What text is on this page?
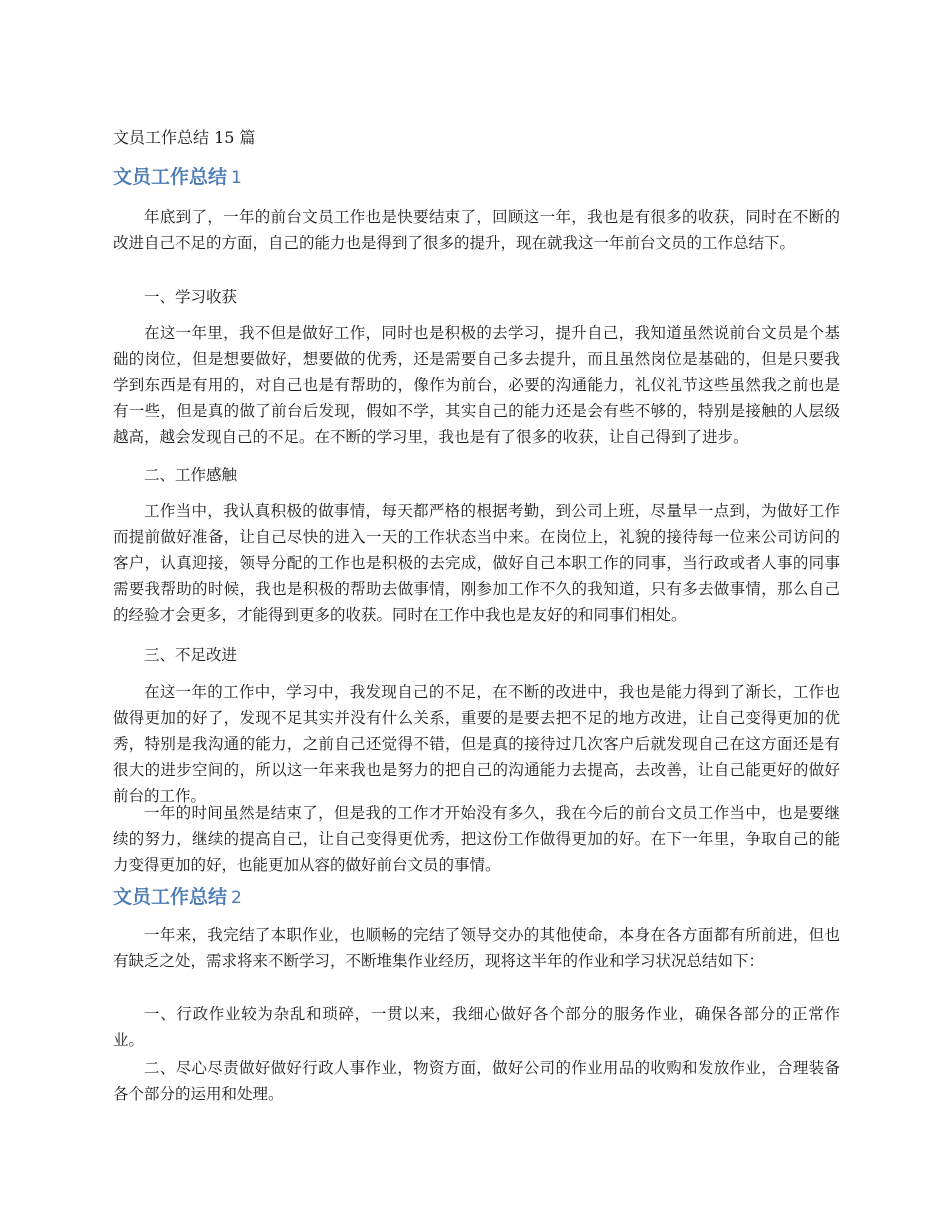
文员工作总结 15 篇
文员工作总结 1

年底到了，一年的前台文员工作也是快要结束了，回顾这一年，我也是有很多的收获，同时在不断的改进自己不足的方面，自己的能力也是得到了很多的提升，现在就我这一年前台文员的工作总结下。

一、学习收获

在这一年里，我不但是做好工作，同时也是积极的去学习，提升自己，我知道虽然说前台文员是个基础的岗位，但是想要做好，想要做的优秀，还是需要自己多去提升，而且虽然岗位是基础的，但是只要我学到东西是有用的，对自己也是有帮助的，像作为前台，必要的沟通能力，礼仪礼节这些虽然我之前也是有一些，但是真的做了前台后发现，假如不学，其实自己的能力还是会有些不够的，特别是接触的人层级越高，越会发现自己的不足。在不断的学习里，我也是有了很多的收获，让自己得到了进步。

二、工作感触

工作当中，我认真积极的做事情，每天都严格的根据考勤，到公司上班，尽量早一点到，为做好工作而提前做好准备，让自己尽快的进入一天的工作状态当中来。在岗位上，礼貌的接待每一位来公司访问的客户，认真迎接，领导分配的工作也是积极的去完成，做好自己本职工作的同事，当行政或者人事的同事需要我帮助的时候，我也是积极的帮助去做事情，刚参加工作不久的我知道，只有多去做事情，那么自己的经验才会更多，才能得到更多的收获。同时在工作中我也是友好的和同事们相处。

三、不足改进

在这一年的工作中，学习中，我发现自己的不足，在不断的改进中，我也是能力得到了渐长，工作也做得更加的好了，发现不足其实并没有什么关系，重要的是要去把不足的地方改进，让自己变得更加的优秀，特别是我沟通的能力，之前自己还觉得不错，但是真的接待过几次客户后就发现自己在这方面还是有很大的进步空间的，所以这一年来我也是努力的把自己的沟通能力去提高，去改善，让自己能更好的做好前台的工作。

一年的时间虽然是结束了，但是我的工作才开始没有多久，我在今后的前台文员工作当中，也是要继续的努力，继续的提高自己，让自己变得更优秀，把这份工作做得更加的好。在下一年里，争取自己的能力变得更加的好，也能更加从容的做好前台文员的事情。

文员工作总结 2

一年来，我完结了本职作业，也顺畅的完结了领导交办的其他使命，本身在各方面都有所前进，但也有缺乏之处，需求将来不断学习，不断堆集作业经历，现将这半年的作业和学习状况总结如下：

一、行政作业较为杂乱和琐碎，一贯以来，我细心做好各个部分的服务作业，确保各部分的正常作业。

二、尽心尽责做好做好行政人事作业，物资方面，做好公司的作业用品的收购和发放作业，合理装备各个部分的运用和处理。
